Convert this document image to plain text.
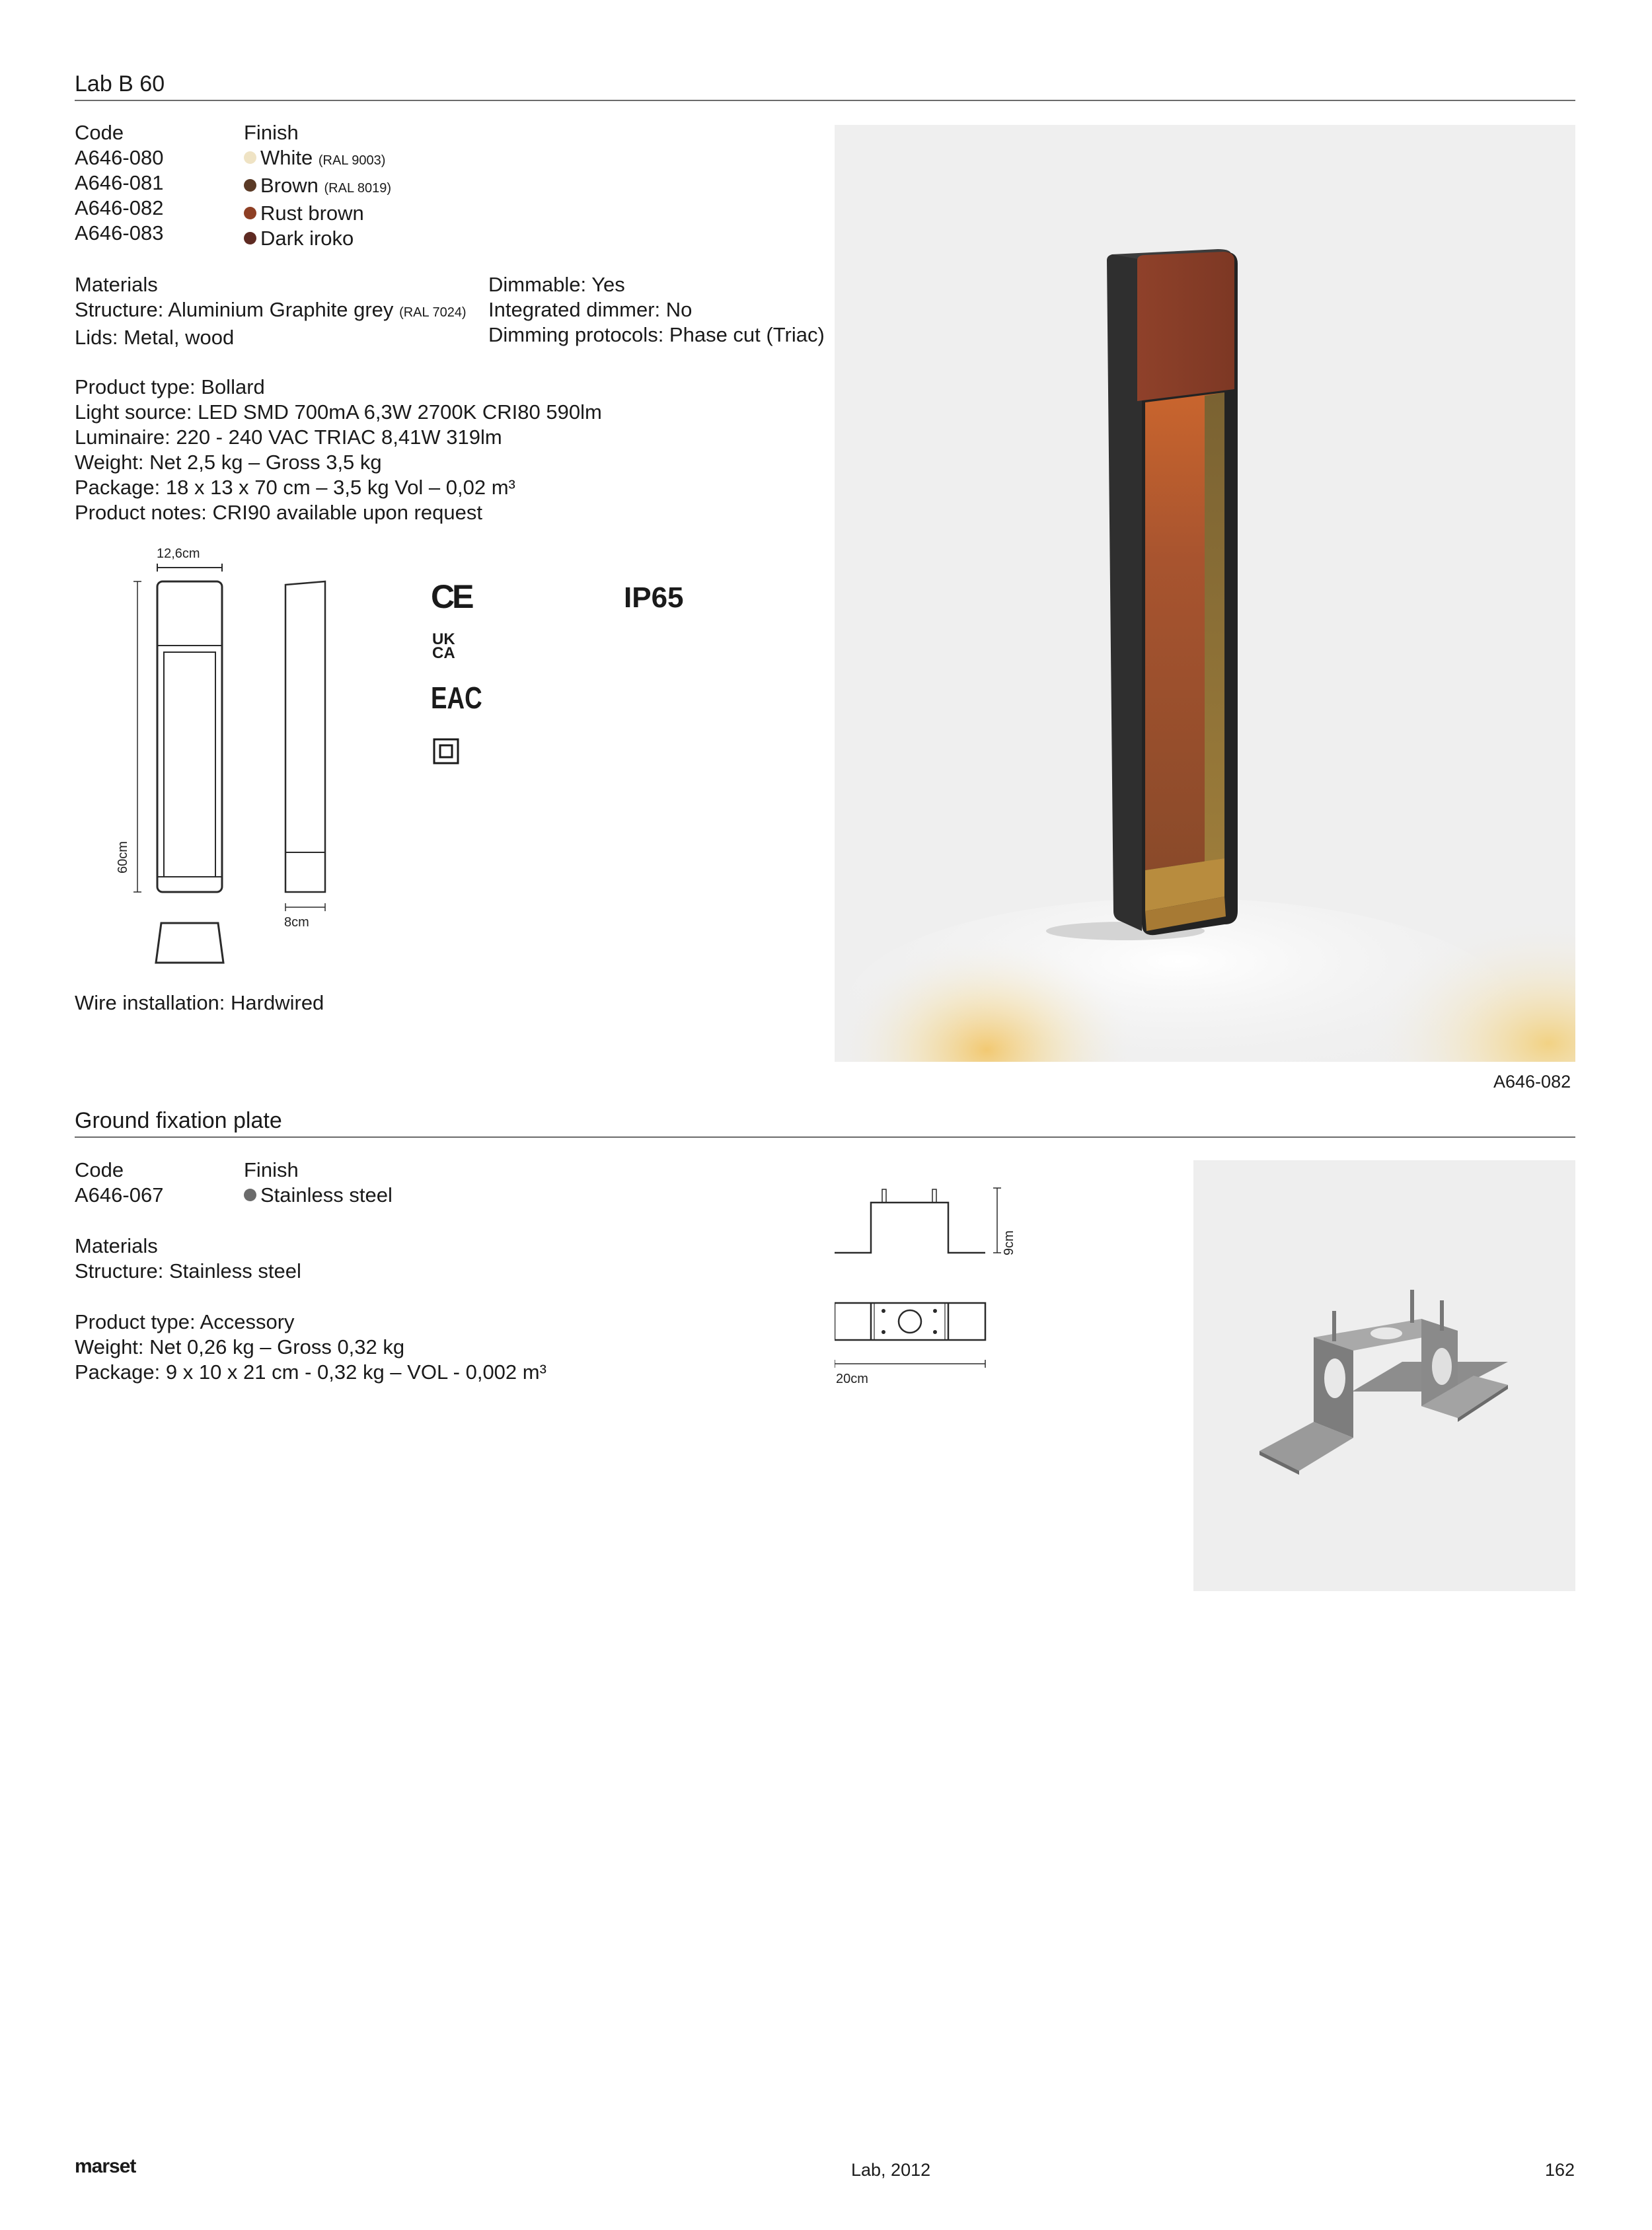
Lab B 60
Code
A646-080
A646-081
A646-082
A646-083
Finish
White (RAL 9003)
Brown (RAL 8019)
Rust brown
Dark iroko
Materials
Structure: Aluminium Graphite grey (RAL 7024)
Lids: Metal, wood
Dimmable: Yes
Integrated dimmer: No
Dimming protocols: Phase cut (Triac)
Product type: Bollard
Light source: LED SMD 700mA 6,3W 2700K CRI80 590lm
Luminaire: 220 - 240 VAC TRIAC 8,41W 319lm
Weight: Net 2,5 kg – Gross 3,5 kg
Package: 18 x 13 x 70 cm – 3,5 kg Vol – 0,02 m³
Product notes: CRI90 available upon request
12,6cm
60cm
8cm
CE
UK
CA
EAC
IP65
Wire installation: Hardwired
A646-082
Ground fixation plate
Code
A646-067
Finish
Stainless steel
Materials
Structure: Stainless steel
Product type: Accessory
Weight: Net 0,26 kg – Gross 0,32 kg
Package: 9 x 10 x 21 cm - 0,32 kg – VOL - 0,002 m³
9cm
20cm
marset	Lab, 2012	162
